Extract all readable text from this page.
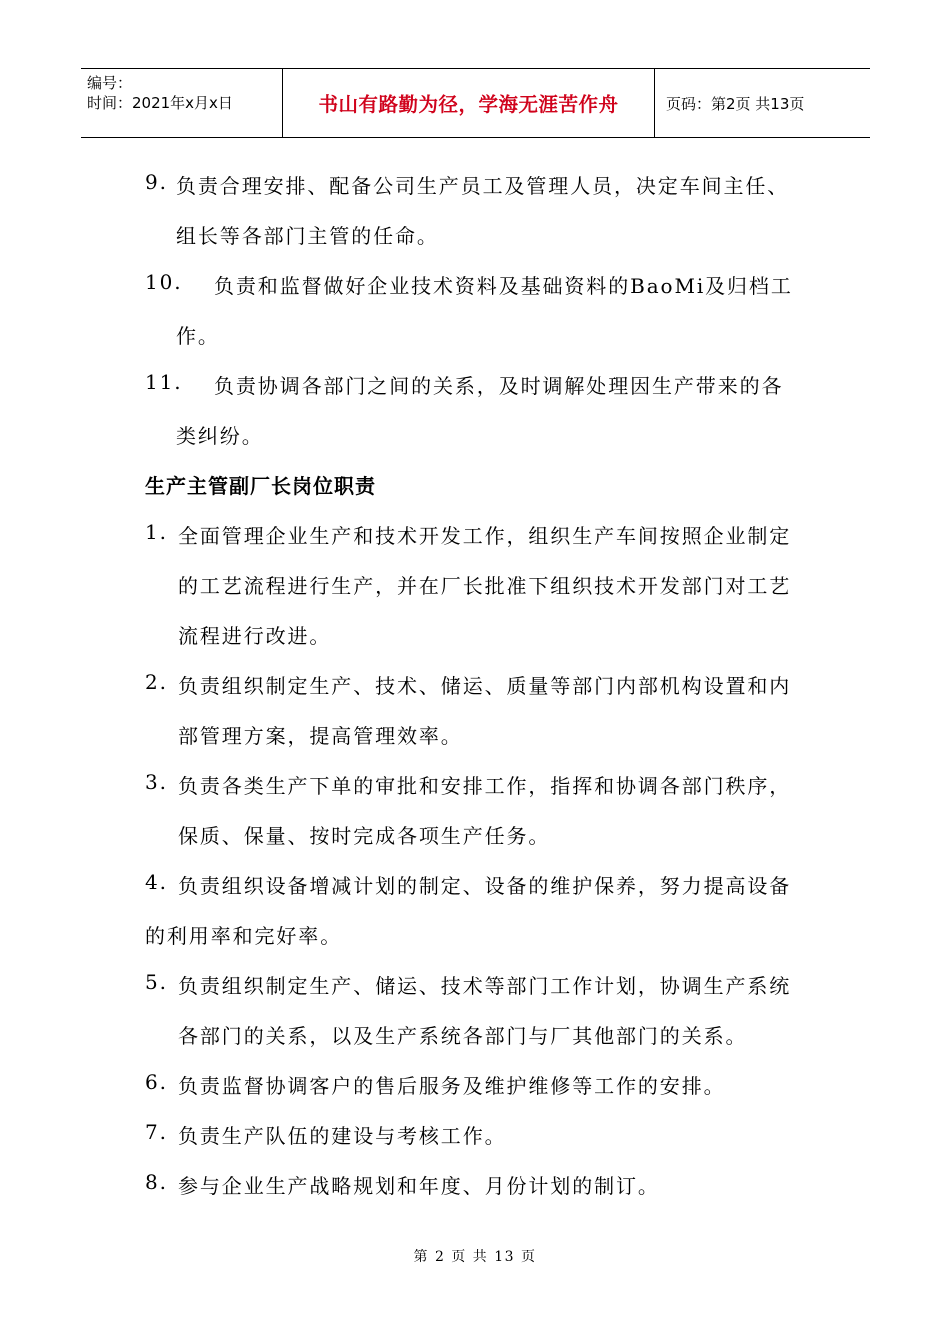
编号：
时间：2021年x月x日	书山有路勤为径，学海无涯苦作舟	页码：第2页 共13页
9. 负责合理安排、配备公司生产员工及管理人员，决定车间主任、
组长等各部门主管的任命。
10. 负责和监督做好企业技术资料及基础资料的BaoMi及归档工
作。
11. 负责协调各部门之间的关系，及时调解处理因生产带来的各
类纠纷。
生产主管副厂长岗位职责
1. 全面管理企业生产和技术开发工作，组织生产车间按照企业制定
的工艺流程进行生产，并在厂长批准下组织技术开发部门对工艺
流程进行改进。
2. 负责组织制定生产、技术、储运、质量等部门内部机构设置和内
部管理方案，提高管理效率。
3. 负责各类生产下单的审批和安排工作，指挥和协调各部门秩序，
保质、保量、按时完成各项生产任务。
4. 负责组织设备增减计划的制定、设备的维护保养，努力提高设备
的利用率和完好率。
5. 负责组织制定生产、储运、技术等部门工作计划，协调生产系统
各部门的关系，以及生产系统各部门与厂其他部门的关系。
6. 负责监督协调客户的售后服务及维护维修等工作的安排。
7. 负责生产队伍的建设与考核工作。
8. 参与企业生产战略规划和年度、月份计划的制订。
第 2 页 共 13 页
